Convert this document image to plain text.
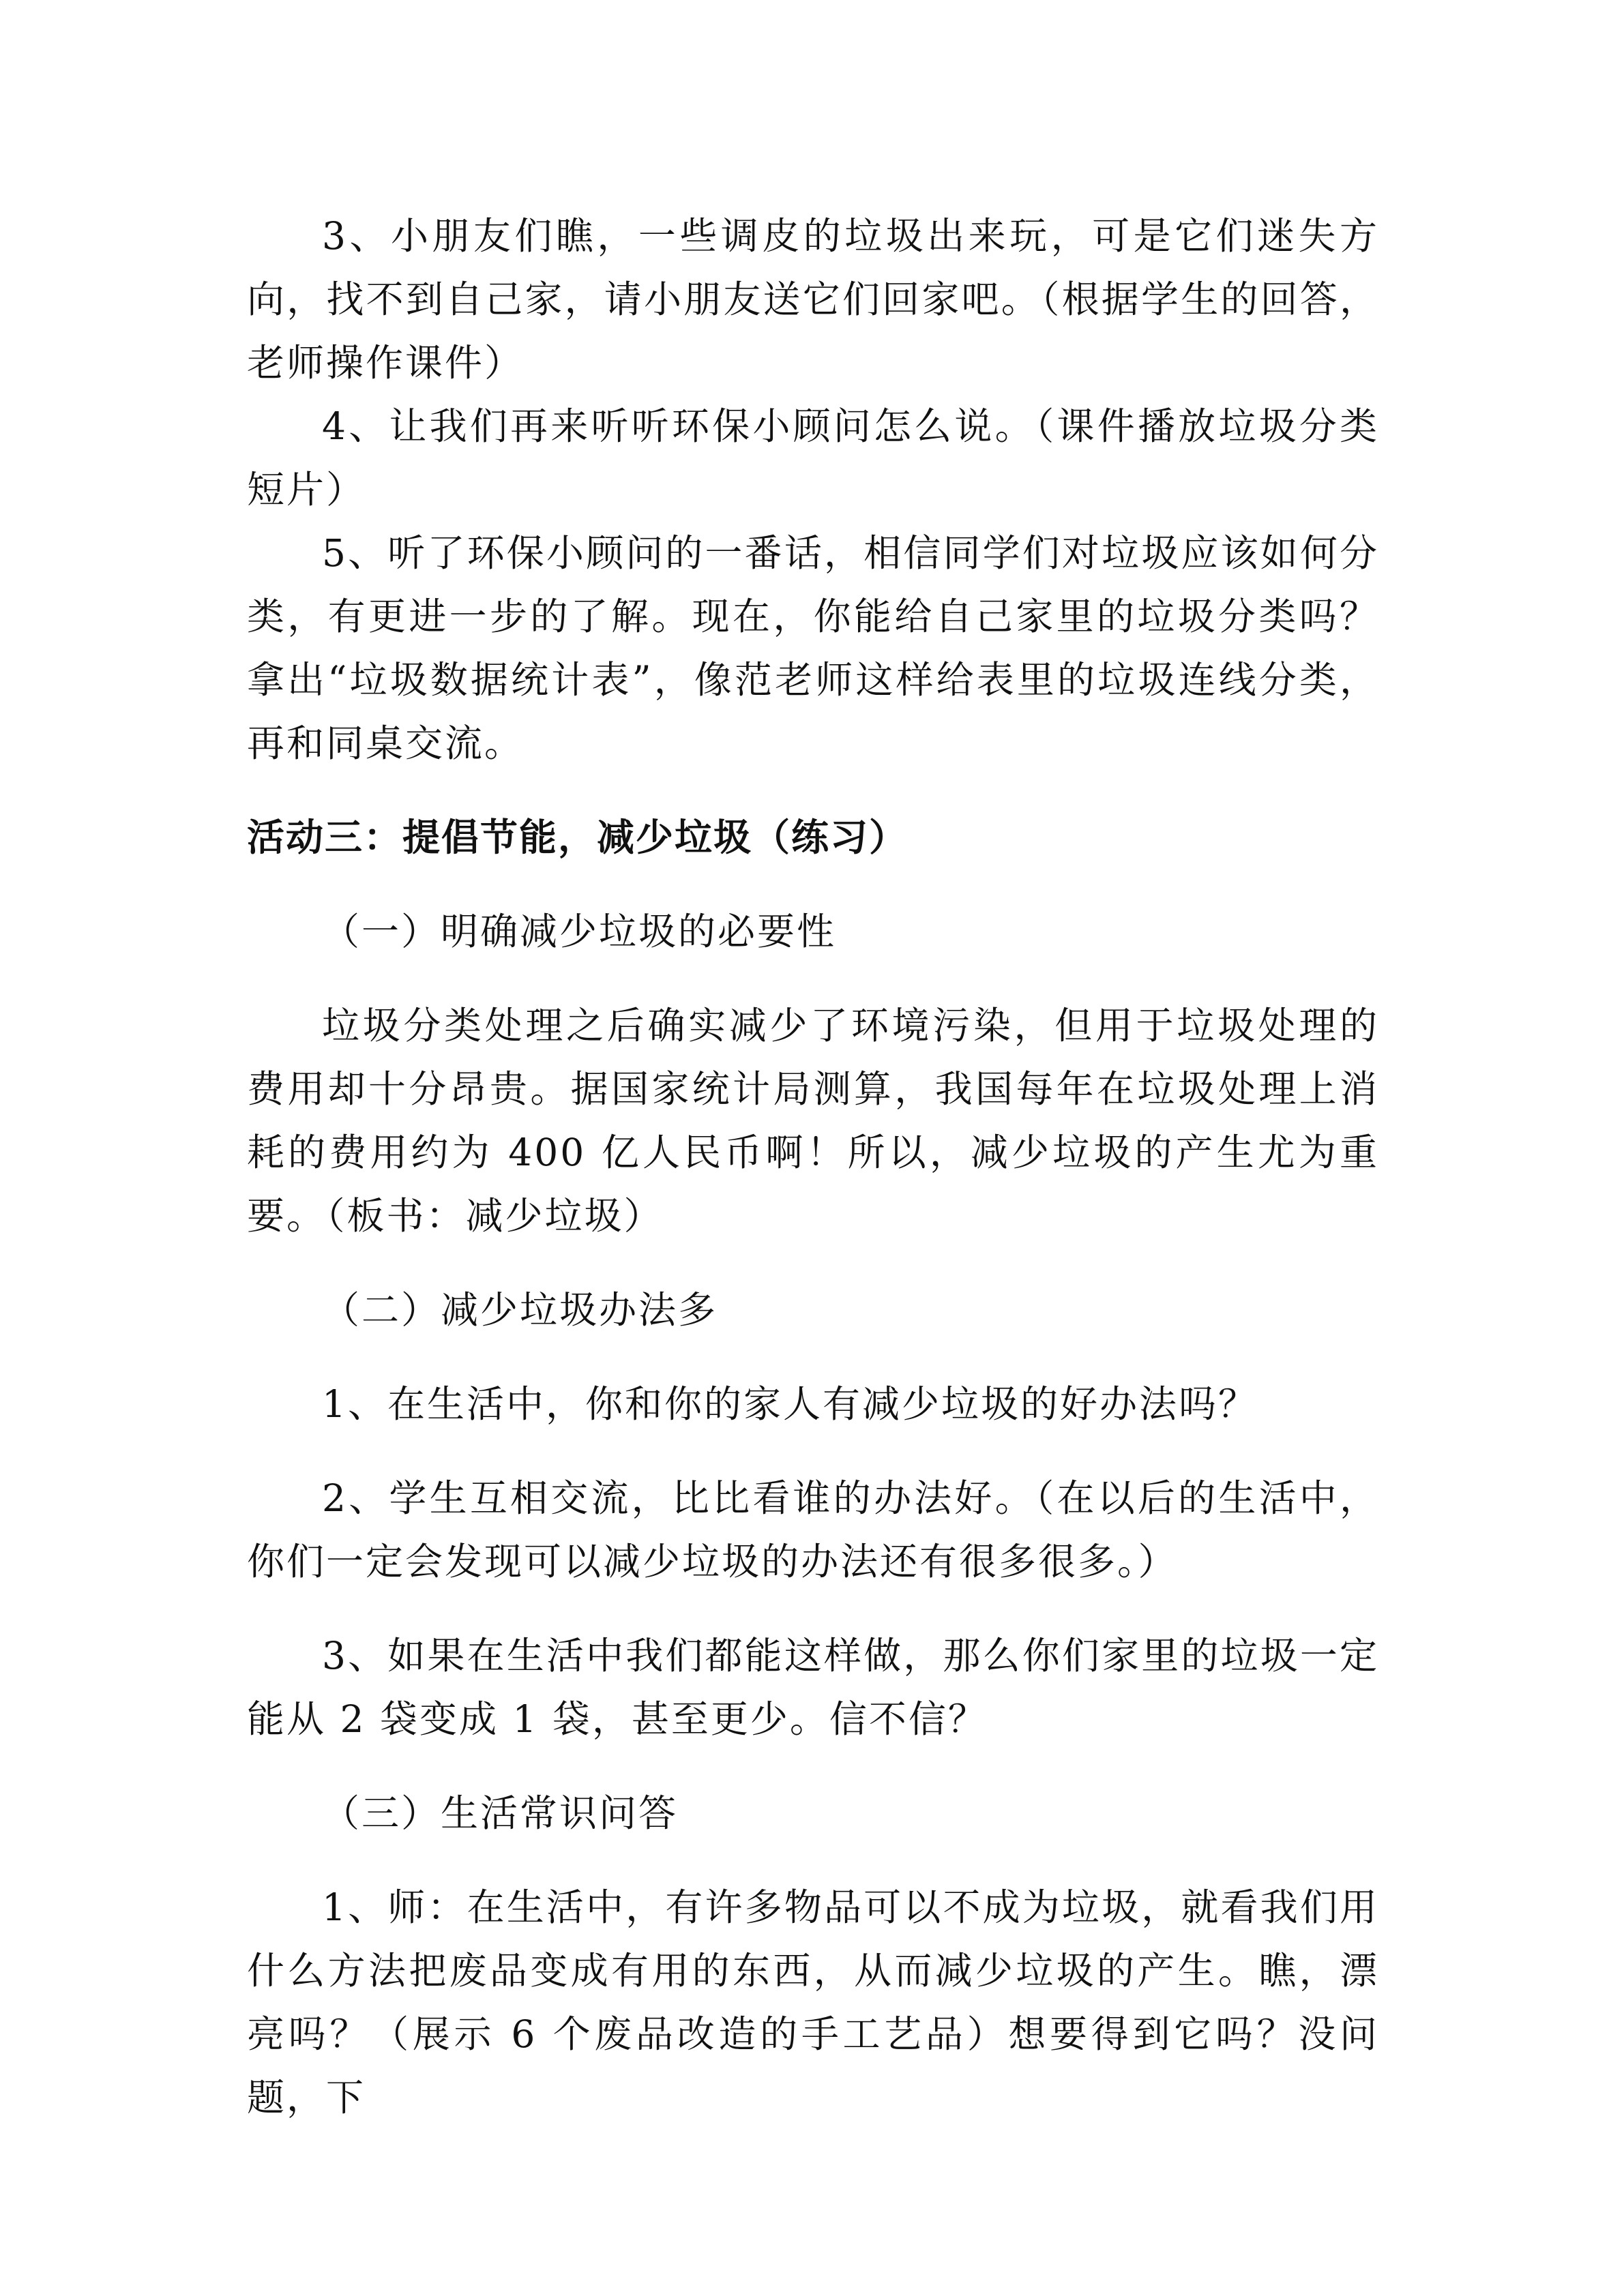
3、小朋友们瞧，一些调皮的垃圾出来玩，可是它们迷失方向，找不到自己家，请小朋友送它们回家吧。（根据学生的回答，老师操作课件）

4、让我们再来听听环保小顾问怎么说。（课件播放垃圾分类短片）

5、听了环保小顾问的一番话，相信同学们对垃圾应该如何分类，有更进一步的了解。现在，你能给自己家里的垃圾分类吗？拿出“垃圾数据统计表”，像范老师这样给表里的垃圾连线分类，再和同桌交流。

活动三：提倡节能，减少垃圾（练习）

（一）明确减少垃圾的必要性

垃圾分类处理之后确实减少了环境污染，但用于垃圾处理的费用却十分昂贵。据国家统计局测算，我国每年在垃圾处理上消耗的费用约为 400 亿人民币啊！所以，减少垃圾的产生尤为重要。（板书：减少垃圾）

（二）减少垃圾办法多

1、在生活中，你和你的家人有减少垃圾的好办法吗？

2、学生互相交流，比比看谁的办法好。（在以后的生活中，你们一定会发现可以减少垃圾的办法还有很多很多。）

3、如果在生活中我们都能这样做，那么你们家里的垃圾一定能从 2 袋变成 1 袋，甚至更少。信不信？

（三）生活常识问答

1、师：在生活中，有许多物品可以不成为垃圾，就看我们用什么方法把废品变成有用的东西，从而减少垃圾的产生。瞧，漂亮吗？（展示 6 个废品改造的手工艺品）想要得到它吗？没问题，下
